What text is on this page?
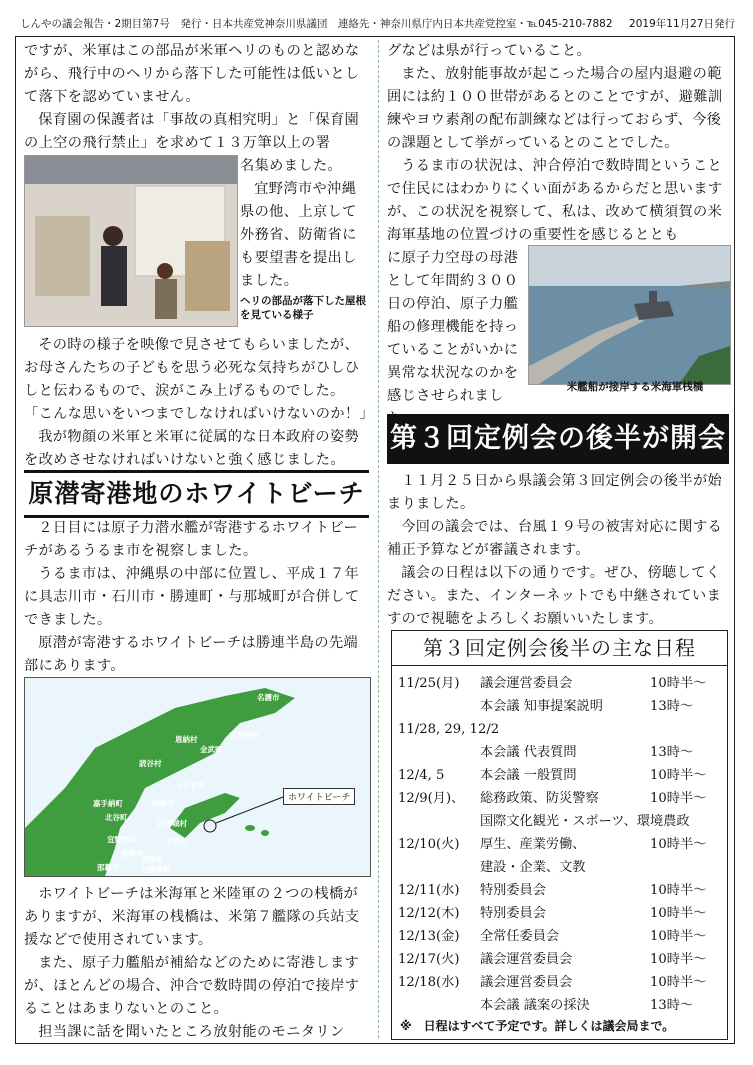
しんやの議会報告・2期目第7号　発行・日本共産党神奈川県議団　連絡先・神奈川県庁内日本共産党控室・℡045-210-7882 2019年11月27日発行

ですが、米軍はこの部品が米軍ヘリのものと認めながら、飛行中のヘリから落下した可能性は低いとして落下を認めていません。

保育園の保護者は「事故の真相究明」と「保育園の上空の飛行禁止」を求めて１３万筆以上の署

名集めました。

宜野湾市や沖縄県の他、上京して外務省、防衛省にも要望書を提出しました。

ヘリの部品が落下した屋根を見ている様子

その時の様子を映像で見させてもらいましたが、お母さんたちの子どもを思う必死な気持ちがひしひしと伝わるもので、涙がこみ上げるものでした。

「こんな思いをいつまでしなければいけないのか！」

我が物顔の米軍と米軍に従属的な日本政府の姿勢を改めさせなければいけないと強く感じました。

原潜寄港地のホワイトビーチ

２日目には原子力潜水艦が寄港するホワイトビーチがあるうるま市を視察しました。

うるま市は、沖縄県の中部に位置し、平成１７年に具志川市・石川市・勝連町・与那城町が合併してできました。

原潜が寄港するホワイトビーチは勝連半島の先端部にあります。

名護市
恩納村
金武町
宜野座村
読谷村
うるま市
嘉手納町	沖縄市
北谷町
北中城村
宜野湾市	中城村
浦添市
西原町
那覇市	与那原町
ホワイトビーチ

ホワイトビーチは米海軍と米陸軍の２つの桟橋がありますが、米海軍の桟橋は、米第７艦隊の兵站支援などで使用されています。

また、原子力艦船が補給などのために寄港しますが、ほとんどの場合、沖合で数時間の停泊で接岸することはあまりないとのこと。

担当課に話を聞いたところ放射能のモニタリン

グなどは県が行っていること。

また、放射能事故が起こった場合の屋内退避の範囲には約１００世帯があるとのことですが、避難訓練やヨウ素剤の配布訓練などは行っておらず、今後の課題として挙がっているとのことでした。

うるま市の状況は、沖合停泊で数時間ということで住民にはわかりにくい面があるからだと思いますが、この状況を視察して、私は、改めて横須賀の米海軍基地の位置づけの重要性を感じるととも

に原子力空母の母港として年間約３００日の停泊、原子力艦船の修理機能を持っていることがいかに異常な状況なのかを感じさせられまし

米艦船が接岸する米海軍桟橋
第３回定例会の後半が開会

１１月２５日から県議会第３回定例会の後半が始まりました。

今回の議会では、台風１９号の被害対応に関する補正予算などが審議されます。

議会の日程は以下の通りです。ぜひ、傍聴してください。また、インターネットでも中継されていますので視聴をよろしくお願いいたします。

第３回定例会後半の主な日程
11/25(月) 議会運営委員会	10時半～
本会議 知事提案説明	13時～
11/28, 29, 12/2
本会議 代表質問	13時～
12/4, 5	本会議 一般質問	10時半～
12/9(月)、 総務政策、防災警察	10時半～
国際文化観光・スポーツ、環境農政
12/10(火) 厚生、産業労働、	10時半～
建設・企業、文教
12/11(水) 特別委員会	10時半～
12/12(木) 特別委員会	10時半～
12/13(金) 全常任委員会	10時半～
12/17(火) 議会運営委員会	10時半～
12/18(水) 議会運営委員会	10時半～
本会議 議案の採決	13時～
※　日程はすべて予定です。詳しくは議会局まで。
